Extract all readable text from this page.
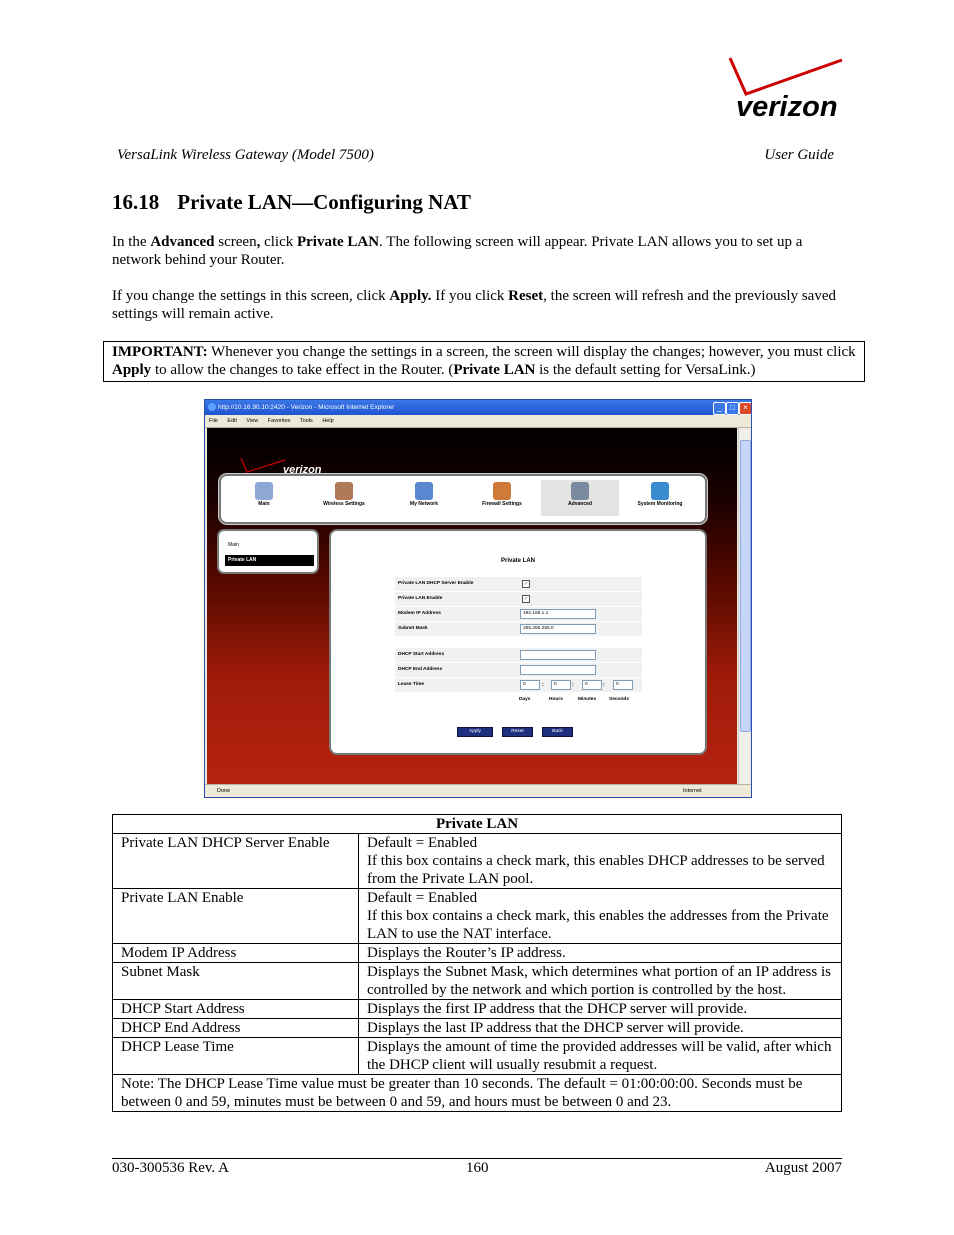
verizon
VersaLink Wireless Gateway (Model 7500)	User Guide
16.18 Private LAN—Configuring NAT
In the Advanced screen, click Private LAN. The following screen will appear. Private LAN allows you to set up a network behind your Router.
If you change the settings in this screen, click Apply. If you click Reset, the screen will refresh and the previously saved settings will remain active.
IMPORTANT: Whenever you change the settings in a screen, the screen will display the changes; however, you must click Apply to allow the changes to take effect in the Router. (Private LAN is the default setting for VersaLink.)
http://10.16.90.10:2420 - Verizon - Microsoft Internet Explorer	_	□	×
File Edit View Favorites Tools Help
verizon
Main	Wireless Settings	My Network	Firewall Settings	Advanced	System Monitoring
Main
Private LAN	Private LAN
Private LAN DHCP Server Enable	✓
Private LAN Enable	✓
Modem IP Address	192.168.1.1
Subnet Mask	255.255.255.0
DHCP Start Address
DHCP End Address
Lease Time	0	:	0	:	0	:	0
Days	Hours	Minutes	Seconds
Apply	Reset	Back
Done	Internet
Private LAN	
Private LAN DHCP Server Enable	Default = Enabled
If this box contains a check mark, this enables DHCP addresses to be served from the Private LAN pool.

Private LAN Enable	Default = Enabled
If this box contains a check mark, this enables the addresses from the Private LAN to use the NAT interface.

Modem IP Address	Displays the Router’s IP address.
Subnet Mask	Displays the Subnet Mask, which determines what portion of an IP address is controlled by the network and which portion is controlled by the host.
DHCP Start Address	Displays the first IP address that the DHCP server will provide.
DHCP End Address	Displays the last IP address that the DHCP server will provide.
DHCP Lease Time	Displays the amount of time the provided addresses will be valid, after which the DHCP client will usually resubmit a request.
Note: The DHCP Lease Time value must be greater than 10 seconds. The default = 01:00:00:00. Seconds must be between 0 and 59, minutes must be between 0 and 59, and hours must be between 0 and 23.	
030-300536 Rev. A	160	August 2007
